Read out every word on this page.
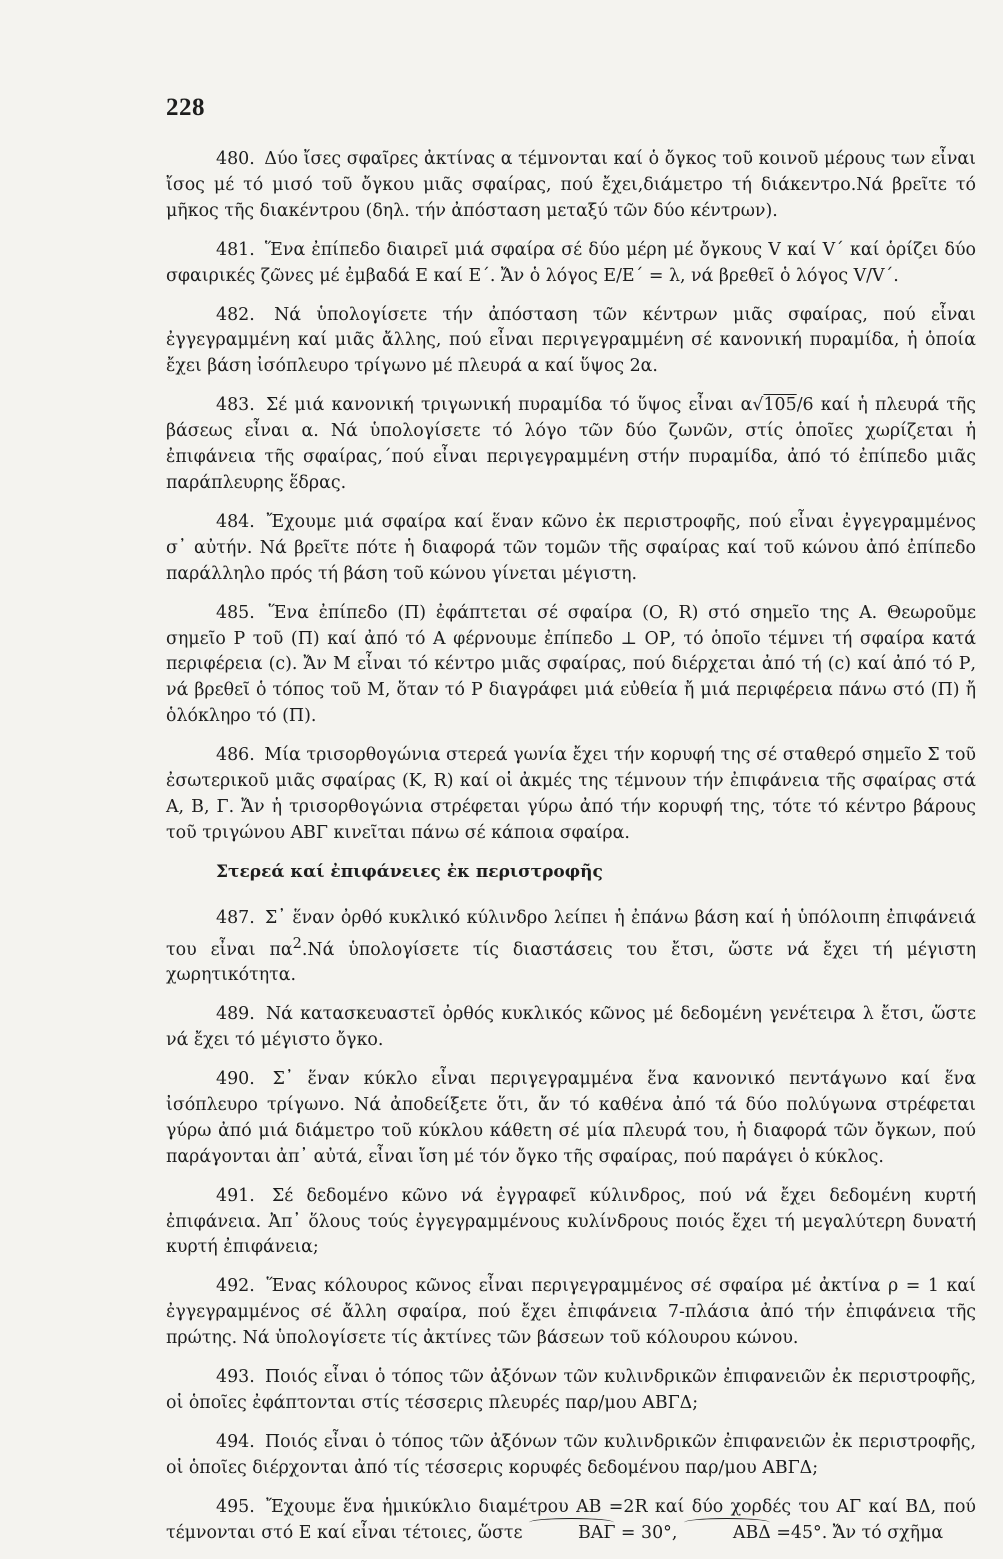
228

480. Δύο ἴσες σφαῖρες ἀκτίνας α τέμνονται καί ὁ ὄγκος τοῦ κοινοῦ μέρους των εἶναι ἴσος μέ τό μισό τοῦ ὄγκου μιᾶς σφαίρας, πού ἔχει,διάμετρο τή διάκεντρο.Νά βρεῖτε τό μῆκος τῆς διακέντρου (δηλ. τήν ἀπόσταση μεταξύ τῶν δύο κέντρων).

481. Ἕνα ἐπίπεδο διαιρεῖ μιά σφαίρα σέ δύο μέρη μέ ὄγκους V καί V΄ καί ὁρίζει δύο σφαιρικές ζῶνες μέ ἐμβαδά Ε καί Ε΄. Ἄν ὁ λόγος Ε/Ε΄ = λ, νά βρεθεῖ ὁ λόγος V/V΄.

482. Νά ὑπολογίσετε τήν ἀπόσταση τῶν κέντρων μιᾶς σφαίρας, πού εἶναι ἐγγεγραμμένη καί μιᾶς ἄλλης, πού εἶναι περιγεγραμμένη σέ κανονική πυραμίδα, ἡ ὁποία ἔχει βάση ἰσόπλευρο τρίγωνο μέ πλευρά α καί ὕψος 2α.

483. Σέ μιά κανονική τριγωνική πυραμίδα τό ὕψος εἶναι α√105/6 καί ἡ πλευρά τῆς βάσεως εἶναι α. Νά ὑπολογίσετε τό λόγο τῶν δύο ζωνῶν, στίς ὁποῖες χωρίζεται ἡ ἐπιφάνεια τῆς σφαίρας,΄πού εἶναι περιγεγραμμένη στήν πυραμίδα, ἀπό τό ἐπίπεδο μιᾶς παράπλευρης ἕδρας.

484. Ἔχουμε μιά σφαίρα καί ἕναν κῶνο ἐκ περιστροφῆς, πού εἶναι ἐγγεγραμμένος σ᾽ αὐτήν. Νά βρεῖτε πότε ἡ διαφορά τῶν τομῶν τῆς σφαίρας καί τοῦ κώνου ἀπό ἐπίπεδο παράλληλο πρός τή βάση τοῦ κώνου γίνεται μέγιστη.

485. Ἕνα ἐπίπεδο (Π) ἐφάπτεται σέ σφαίρα (Ο, R) στό σημεῖο της Α. Θεωροῦμε σημεῖο Ρ τοῦ (Π) καί ἀπό τό Α φέρνουμε ἐπίπεδο ⊥ ΟΡ, τό ὁποῖο τέμνει τή σφαίρα κατά περιφέρεια (c). Ἄν Μ εἶναι τό κέντρο μιᾶς σφαίρας, πού διέρχεται ἀπό τή (c) καί ἀπό τό Ρ, νά βρεθεῖ ὁ τόπος τοῦ Μ, ὅταν τό Ρ διαγράφει μιά εὐθεία ἤ μιά περιφέρεια πάνω στό (Π) ἤ ὁλόκληρο τό (Π).

486. Μία τρισορθογώνια στερεά γωνία ἔχει τήν κορυφή της σέ σταθερό σημεῖο Σ τοῦ ἐσωτερικοῦ μιᾶς σφαίρας (Κ, R) καί οἱ ἀκμές της τέμνουν τήν ἐπιφάνεια τῆς σφαίρας στά Α, Β, Γ. Ἄν ἡ τρισορθογώνια στρέφεται γύρω ἀπό τήν κορυφή της, τότε τό κέντρο βάρους τοῦ τριγώνου ΑΒΓ κινεῖται πάνω σέ κάποια σφαίρα.

Στερεά καί ἐπιφάνειες ἐκ περιστροφῆς

487. Σ᾽ ἕναν ὀρθό κυκλικό κύλινδρο λείπει ἡ ἐπάνω βάση καί ἡ ὑπόλοιπη ἐπιφάνειά του εἶναι $\pi\alpha^2.Nά$ ὑπολογίσετε τίς διαστάσεις του ἔτσι, ὥστε νά ἔχει τή μέγιστη χωρητικότητα.

489. Νά κατασκευαστεῖ ὀρθός κυκλικός κῶνος μέ δεδομένη γενέτειρα λ ἔτσι, ὥστε νά ἔχει τό μέγιστο ὄγκο.

490. Σ᾽ ἕναν κύκλο εἶναι περιγεγραμμένα ἕνα κανονικό πεντάγωνο καί ἕνα ἰσόπλευρο τρίγωνο. Νά ἀποδείξετε ὅτι, ἄν τό καθένα ἀπό τά δύο πολύγωνα στρέφεται γύρω ἀπό μιά διάμετρο τοῦ κύκλου κάθετη σέ μία πλευρά του, ἡ διαφορά τῶν ὄγκων, πού παράγονται ἀπ᾽ αὐτά, εἶναι ἴση μέ τόν ὄγκο τῆς σφαίρας, πού παράγει ὁ κύκλος.

491. Σέ δεδομένο κῶνο νά ἐγγραφεῖ κύλινδρος, πού νά ἔχει δεδομένη κυρτή ἐπιφάνεια. Ἀπ᾽ ὅλους τούς ἐγγεγραμμένους κυλίνδρους ποιός ἔχει τή μεγαλύτερη δυνατή κυρτή ἐπιφάνεια;

492. Ἕνας κόλουρος κῶνος εἶναι περιγεγραμμένος σέ σφαίρα μέ ἀκτίνα ρ = 1 καί ἐγγεγραμμένος σέ ἄλλη σφαίρα, πού ἔχει ἐπιφάνεια 7-πλάσια ἀπό τήν ἐπιφάνεια τῆς πρώτης. Νά ὑπολογίσετε τίς ἀκτίνες τῶν βάσεων τοῦ κόλουρου κώνου.

493. Ποιός εἶναι ὁ τόπος τῶν ἀξόνων τῶν κυλινδρικῶν ἐπιφανειῶν ἐκ περιστροφῆς, οἱ ὁποῖες ἐφάπτονται στίς τέσσερις πλευρές παρ/μου ΑΒΓΔ;

494. Ποιός εἶναι ὁ τόπος τῶν ἀξόνων τῶν κυλινδρικῶν ἐπιφανειῶν ἐκ περιστροφῆς, οἱ ὁποῖες διέρχονται ἀπό τίς τέσσερις κορυφές δεδομένου παρ/μου ΑΒΓΔ;

495. Ἔχουμε ἕνα ἡμικύκλιο διαμέτρου ΑΒ =2R καί δύο χορδές του ΑΓ καί ΒΔ, πού τέμνονται στό Ε καί εἶναι τέτοιες, ὥστε	ΒΑΓ = 30°,	ΑΒΔ =45°. Ἄν τό σχῆμα
